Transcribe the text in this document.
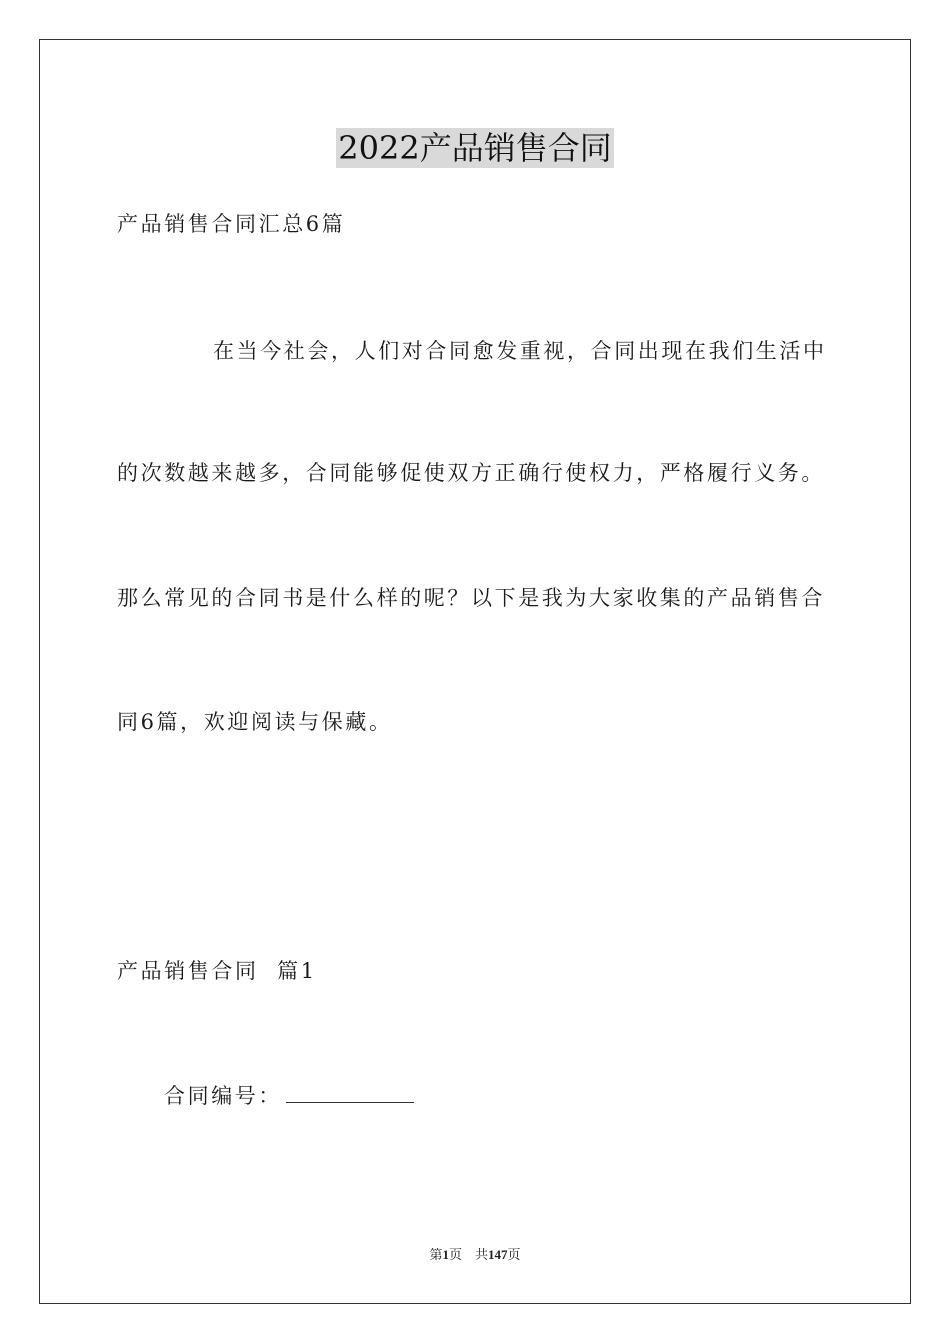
2022产品销售合同
产品销售合同汇总6篇
在当今社会，人们对合同愈发重视，合同出现在我们生活中
的次数越来越多，合同能够促使双方正确行使权力，严格履行义务。
那么常见的合同书是什么样的呢？以下是我为大家收集的产品销售合
同6篇，欢迎阅读与保藏。
产品销售合同  篇1
合同编号：
第1页    共147页
